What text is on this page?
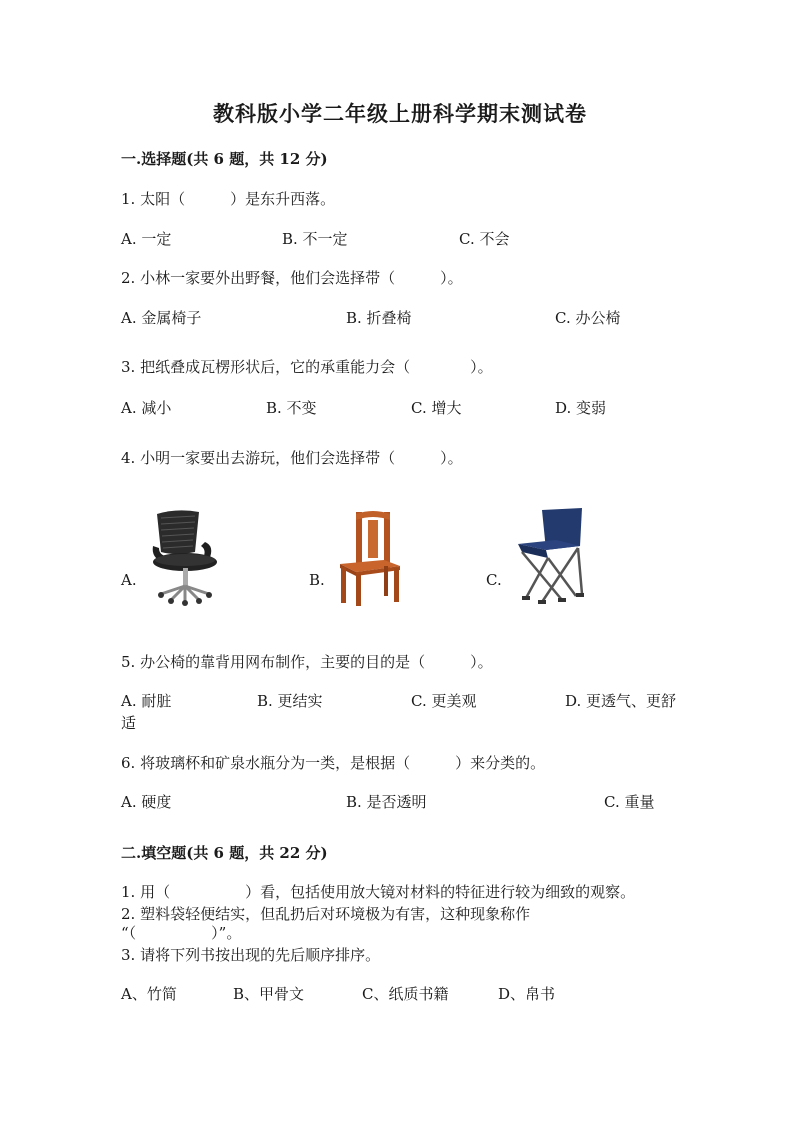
教科版小学二年级上册科学期末测试卷
一.选择题(共 6 题，共 12 分)
1. 太阳（　　　）是东升西落。
A. 一定	B. 不一定	C. 不会
2. 小林一家要外出野餐，他们会选择带（　　　）。
A. 金属椅子	B. 折叠椅	C. 办公椅
3. 把纸叠成瓦楞形状后，它的承重能力会（　　　　）。
A. 减小	B. 不变	C. 增大	D. 变弱
4. 小明一家要出去游玩，他们会选择带（　　　）。
A.	B.	C.
5. 办公椅的靠背用网布制作，主要的目的是（　　　）。
A. 耐脏	B. 更结实	C. 更美观	D. 更透气、更舒
适
6. 将玻璃杯和矿泉水瓶分为一类，是根据（　　　）来分类的。
A. 硬度	B. 是否透明	C. 重量
二.填空题(共 6 题，共 22 分)
1. 用（　　　　　）看，包括使用放大镜对材料的特征进行较为细致的观察。
2. 塑料袋轻便结实，但乱扔后对环境极为有害，这种现象称作
“（　　　　　）”。
3. 请将下列书按出现的先后顺序排序。
A、竹简	B、甲骨文	C、纸质书籍	D、帛书
